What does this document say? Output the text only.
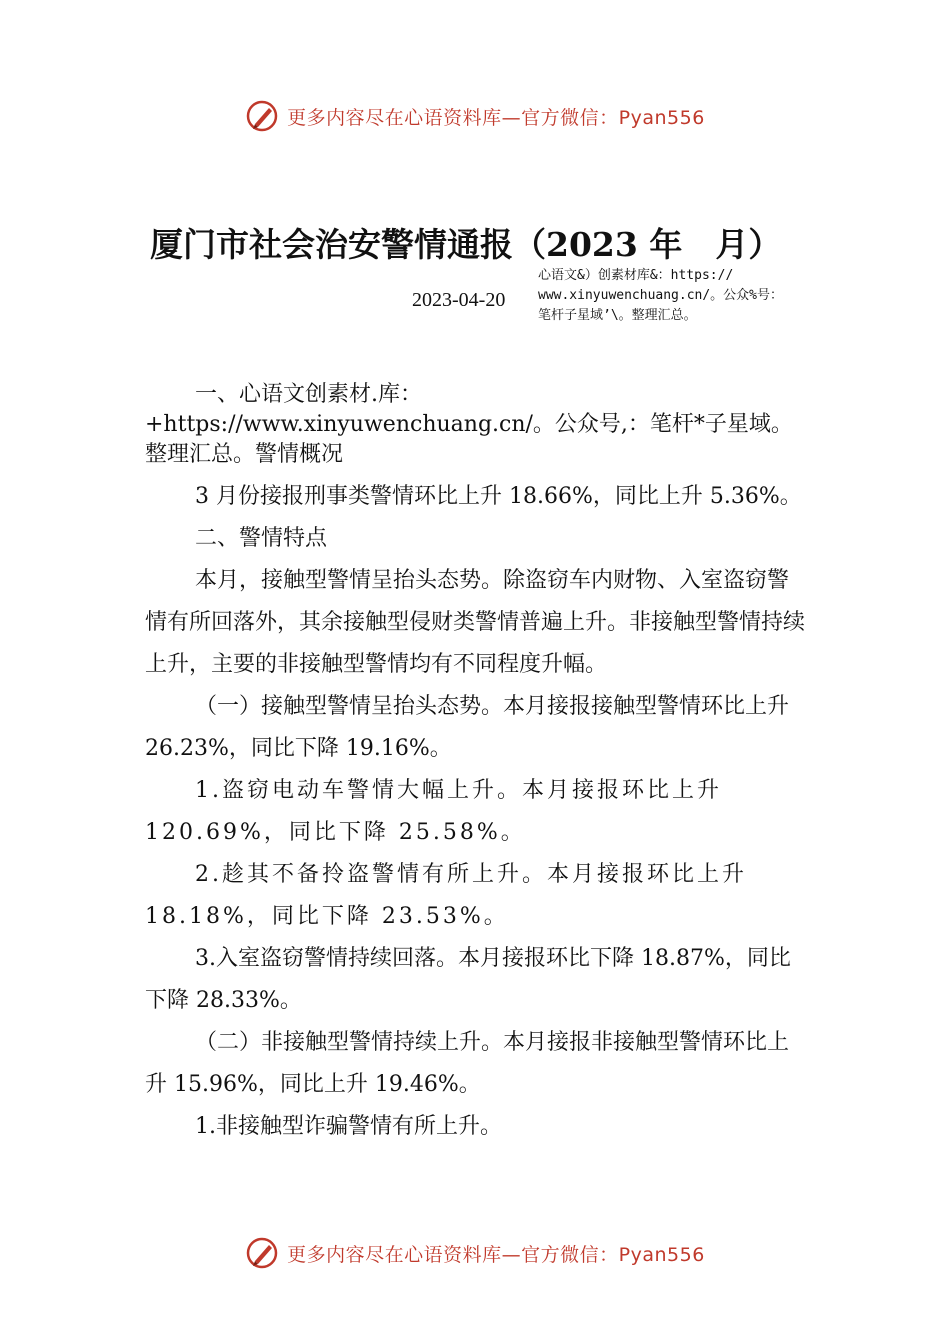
更多内容尽在心语资料库—官方微信：Pyan556
厦门市社会治安警情通报（2023 年　月）
2023-04-20
心语文&）创素材库&：https://
www.xinyuwenchuang.cn/。公众%号：
笔杆子星域’\。整理汇总。

一、心语文创素材.库：+https://www.xinyuwenchuang.cn/。公众号,：笔杆*子星域。整理汇总。警情概况

3 月份接报刑事类警情环比上升 18.66%，同比上升 5.36%。

二、警情特点

本月，接触型警情呈抬头态势。除盗窃车内财物、入室盗窃警情有所回落外，其余接触型侵财类警情普遍上升。非接触型警情持续上升，主要的非接触型警情均有不同程度升幅。

（一）接触型警情呈抬头态势。本月接报接触型警情环比上升 26.23%，同比下降 19.16%。

1.盗窃电动车警情大幅上升。本月接报环比上升 120.69%，同比下降 25.58%。

2.趁其不备拎盗警情有所上升。本月接报环比上升 18.18%，同比下降 23.53%。

3.入室盗窃警情持续回落。本月接报环比下降 18.87%，同比下降 28.33%。

（二）非接触型警情持续上升。本月接报非接触型警情环比上升 15.96%，同比上升 19.46%。

1.非接触型诈骗警情有所上升。

更多内容尽在心语资料库—官方微信：Pyan556
